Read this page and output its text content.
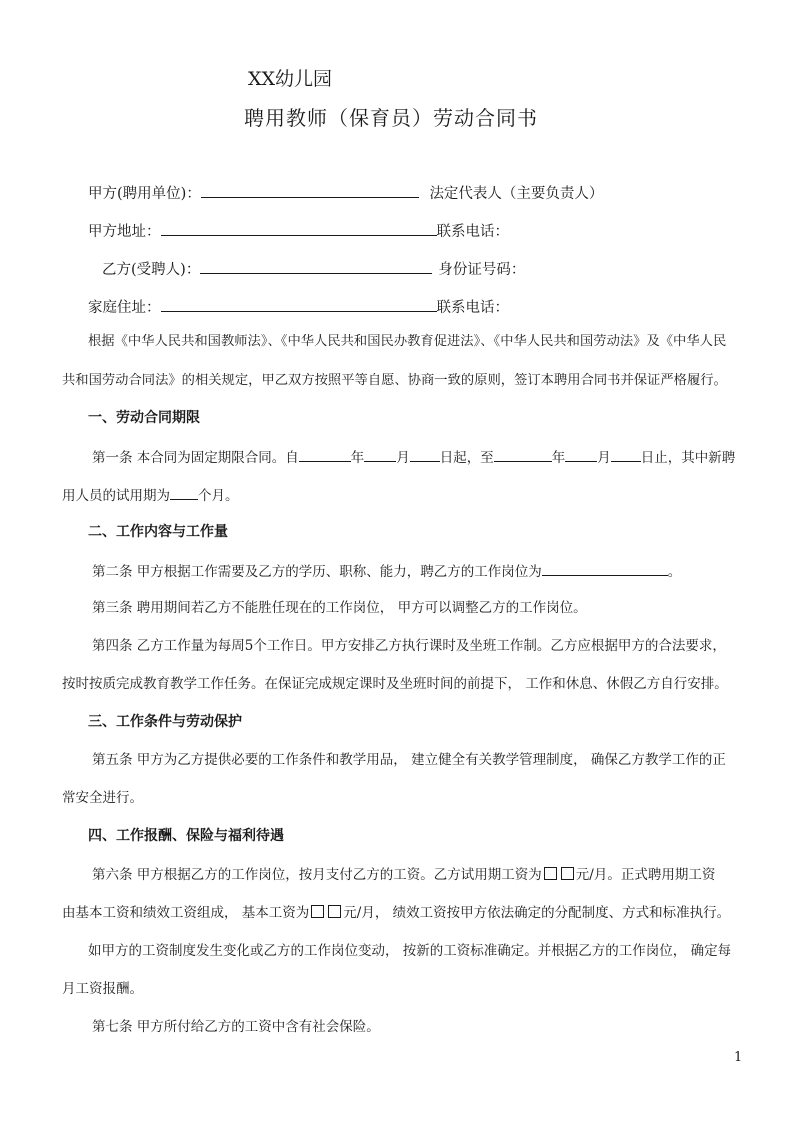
XX幼儿园
聘用教师（保育员）劳动合同书
甲方(聘用单位)：	法定代表人（主要负责人）
甲方地址：	联系电话：
乙方(受聘人)：	身份证号码：
家庭住址：	联系电话：
根据《中华人民共和国教师法》、《中华人民共和国民办教育促进法》、《中华人民共和国劳动法》及《中华人民
共和国劳动合同法》的相关规定，甲乙双方按照平等自愿、协商一致的原则，签订本聘用合同书并保证严格履行。
一、劳动合同期限
第一条 本合同为固定期限合同。自	年 月 日起，至	年 月 日止，其中新聘
用人员的试用期为 个月。
二、工作内容与工作量
第二条 甲方根据工作需要及乙方的学历、职称、能力，聘乙方的工作岗位为	。
第三条 聘用期间若乙方不能胜任现在的工作岗位， 甲方可以调整乙方的工作岗位。
第四条 乙方工作量为每周5个工作日。甲方安排乙方执行课时及坐班工作制。乙方应根据甲方的合法要求，
按时按质完成教育教学工作任务。在保证完成规定课时及坐班时间的前提下， 工作和休息、休假乙方自行安排。
三、工作条件与劳动保护
第五条 甲方为乙方提供必要的工作条件和教学用品， 建立健全有关教学管理制度， 确保乙方教学工作的正
常安全进行。
四、工作报酬、保险与福利待遇
第六条 甲方根据乙方的工作岗位，按月支付乙方的工资。乙方试用期工资为	元/月。正式聘用期工资
由基本工资和绩效工资组成， 基本工资为	元/月， 绩效工资按甲方依法确定的分配制度、方式和标准执行。
如甲方的工资制度发生变化或乙方的工作岗位变动， 按新的工资标准确定。并根据乙方的工作岗位， 确定每
月工资报酬。
第七条 甲方所付给乙方的工资中含有社会保险。
1
